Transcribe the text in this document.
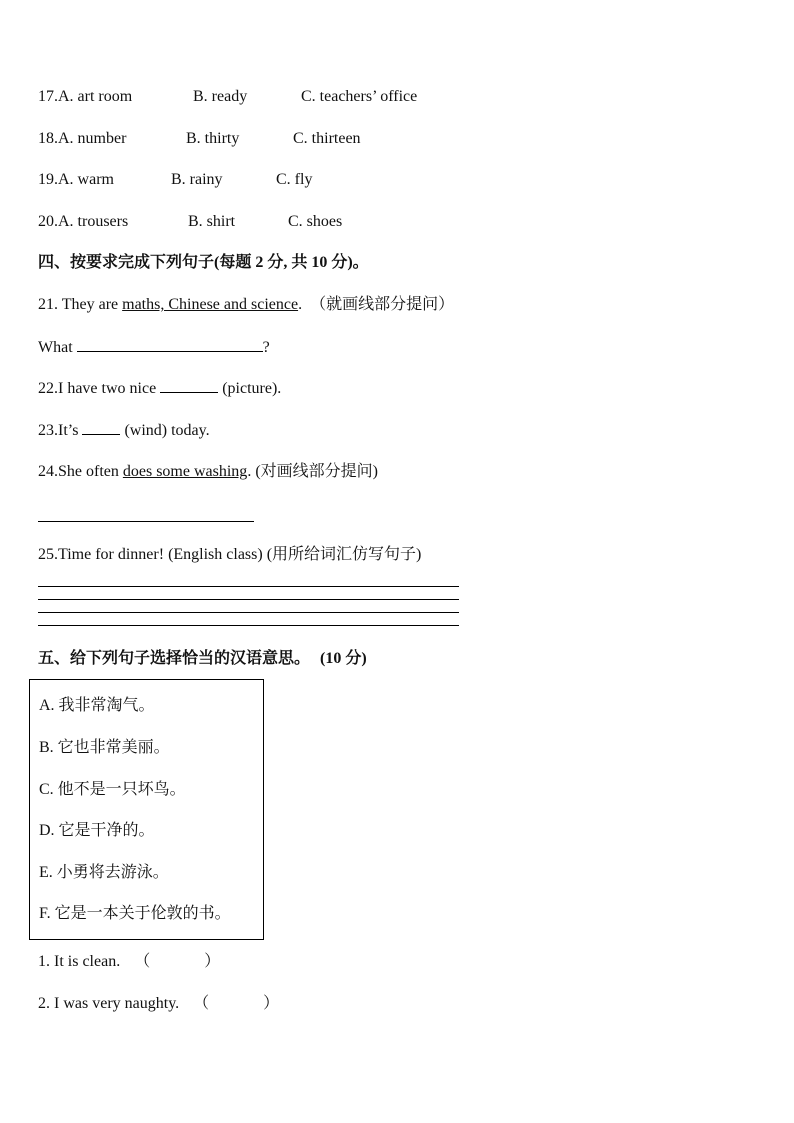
17.A. art room	B. ready	C. teachers’ office
18.A. number	B. thirty	C. thirteen
19.A. warm	B. rainy	C. fly
20.A. trousers	B. shirt	C. shoes
四、按要求完成下列句子(每题 2 分, 共 10 分)。
21. They are maths, Chinese and science. （就画线部分提问）
What	?
22.I have two nice	(picture).
23.It’s  (wind) today.
24.She often does some washing. (对画线部分提问)
25.Time for dinner! (English class) (用所给词汇仿写句子)
五、给下列句子选择恰当的汉语意思。 (10 分)
A. 我非常淘气。
B. 它也非常美丽。
C. 他不是一只坏鸟。
D. 它是干净的。
E. 小勇将去游泳。
F. 它是一本关于伦敦的书。
1. It is clean. （	）
2. I was very naughty. （	）
